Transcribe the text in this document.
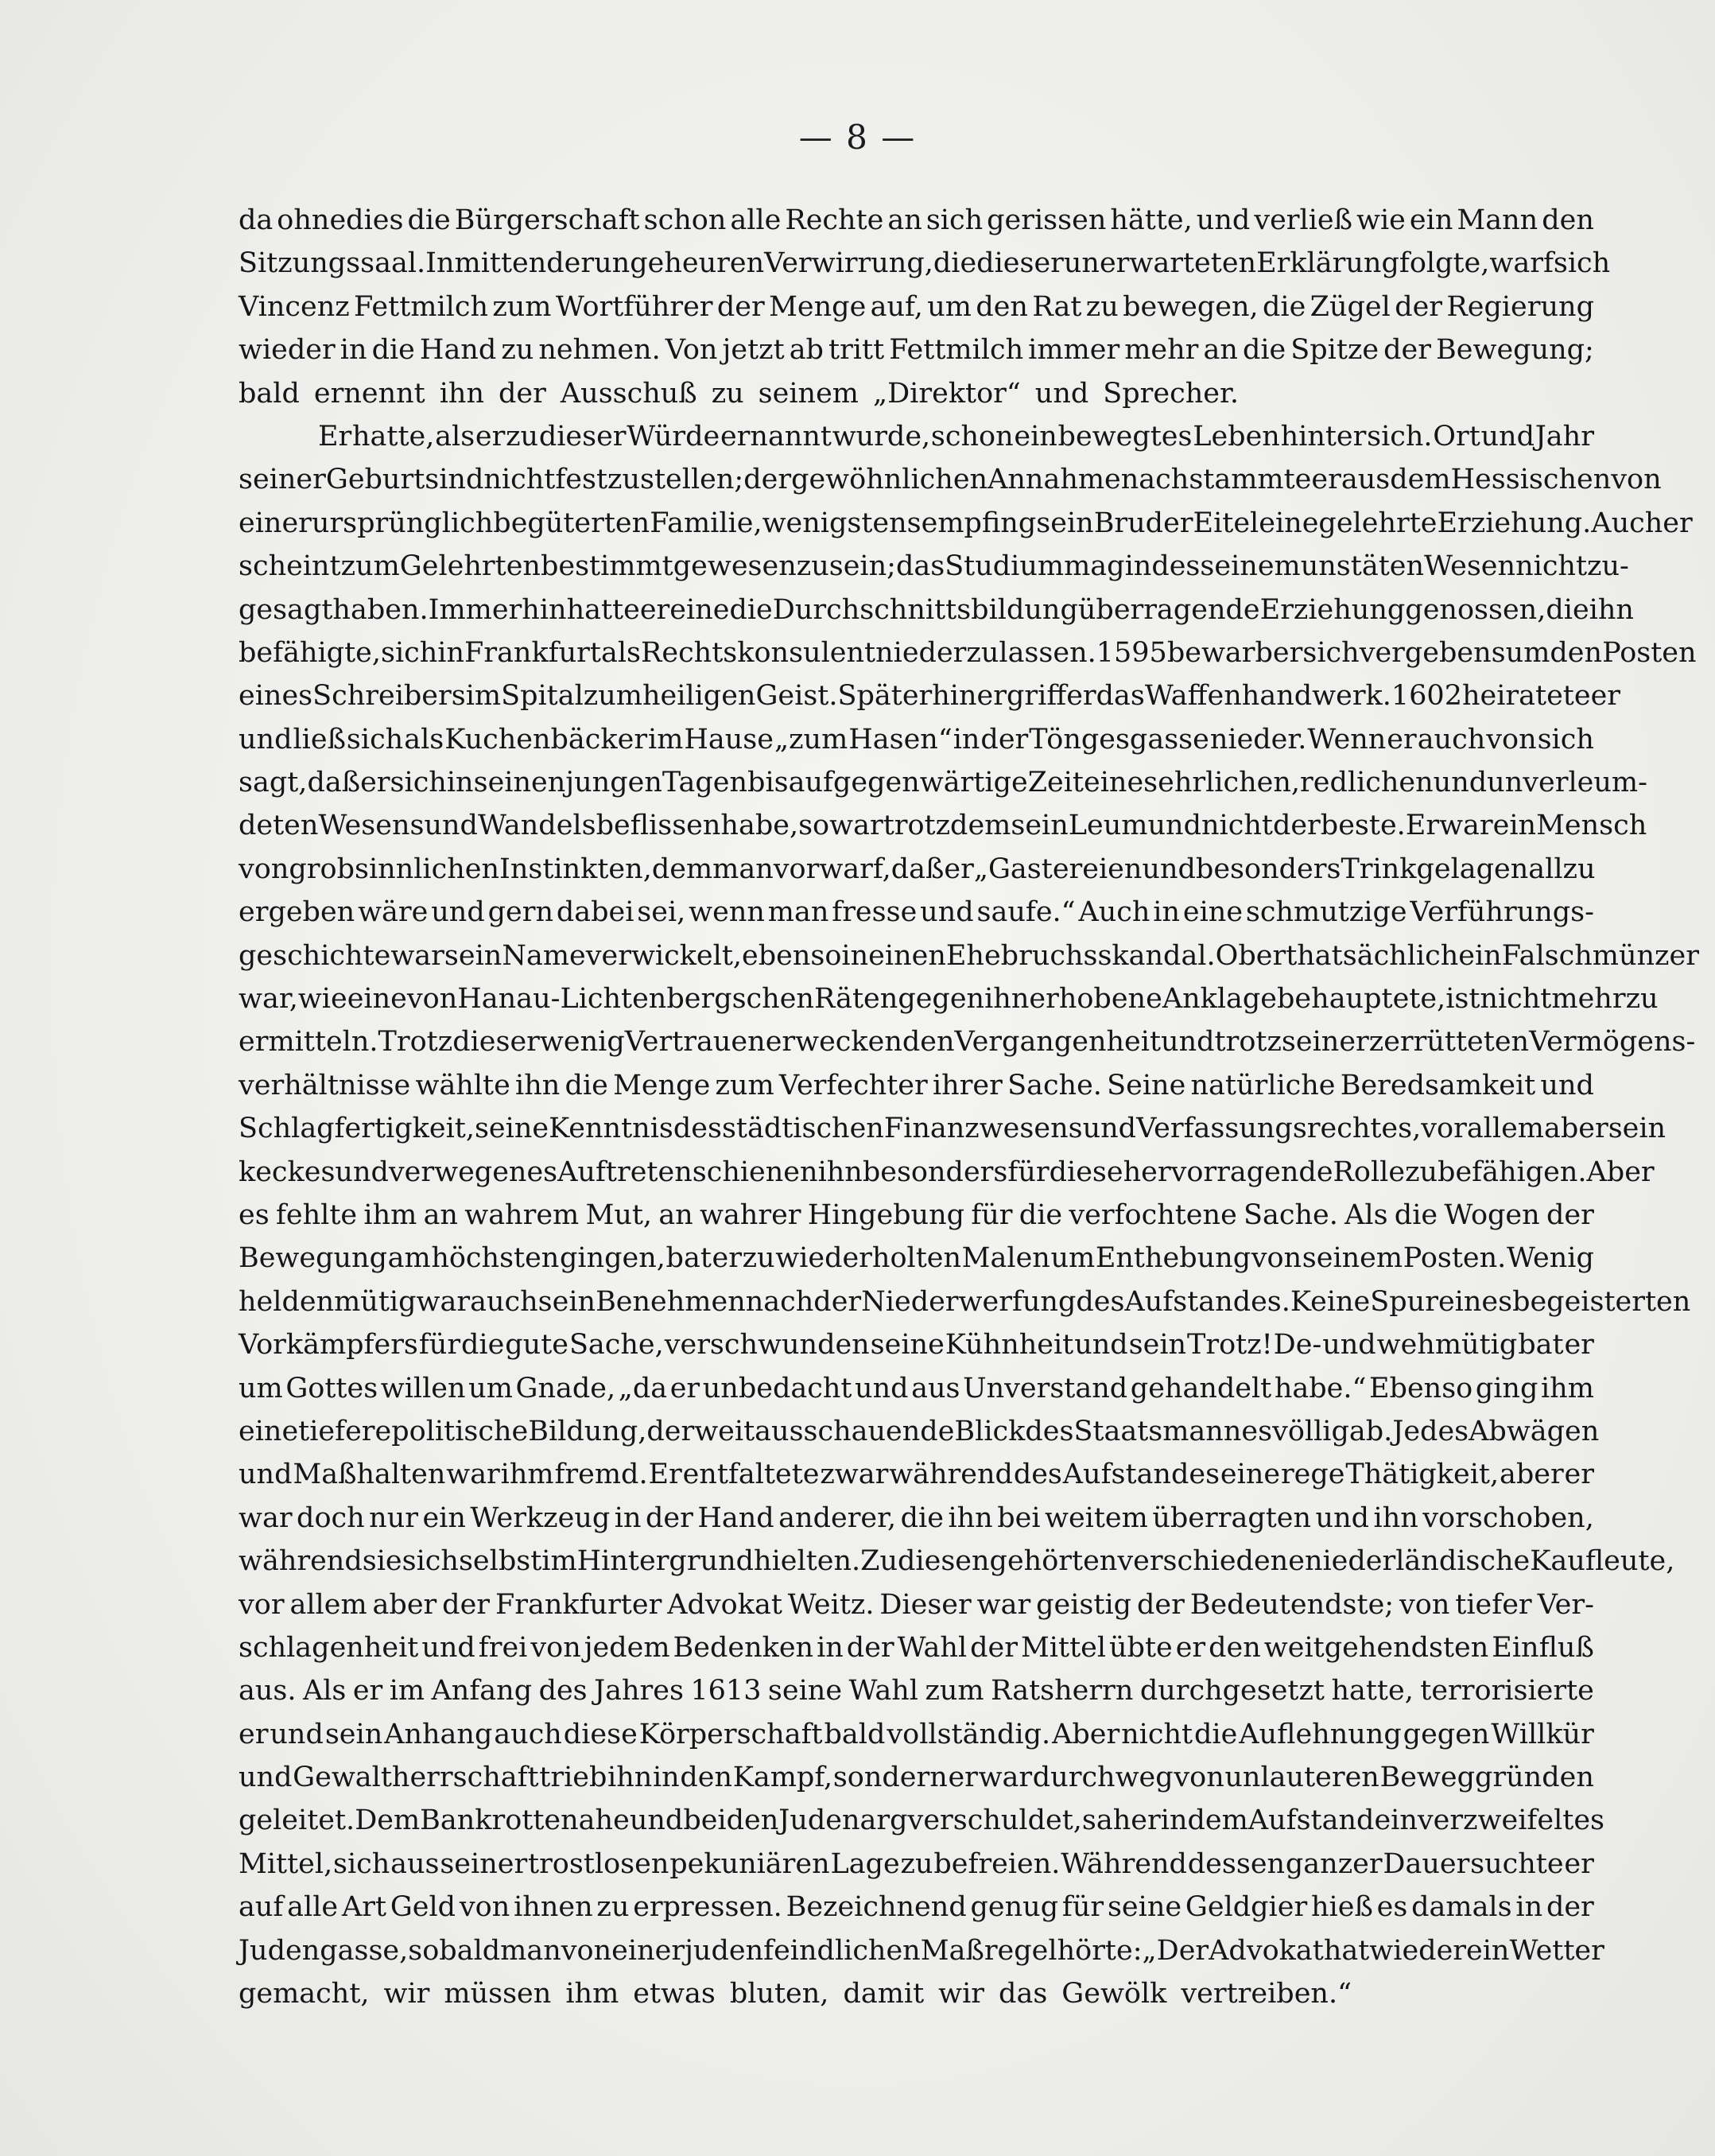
— 8 —
da ohnedies die Bürgerschaft schon alle Rechte an sich gerissen hätte, und verließ wie ein Mann den
Sitzungssaal. Inmitten der ungeheuren Verwirrung, die dieser unerwarteten Erklärung folgte, warf sich
Vincenz Fettmilch zum Wortführer der Menge auf, um den Rat zu bewegen, die Zügel der Regierung
wieder in die Hand zu nehmen. Von jetzt ab tritt Fettmilch immer mehr an die Spitze der Bewegung;
bald ernennt ihn der Ausschuß zu seinem „Direktor“ und Sprecher.
Er hatte, als er zu dieser Würde ernannt wurde, schon ein bewegtes Leben hinter sich. Ort und Jahr
seiner Geburt sind nicht festzustellen; der gewöhnlichen Annahme nach stammte er aus dem Hessischen von
einer ursprünglich begüterten Familie, wenigstens empfing sein Bruder Eitel eine gelehrte Erziehung. Auch er
scheint zum Gelehrten bestimmt gewesen zu sein; das Studium mag indes seinem unstäten Wesen nicht zu-
gesagt haben. Immerhin hatte er eine die Durchschnittsbildung überragende Erziehung genossen, die ihn
befähigte, sich in Frankfurt als Rechtskonsulent niederzulassen. 1595 bewarb er sich vergebens um den Posten
eines Schreibers im Spital zum heiligen Geist. Späterhin ergriff er das Waffenhandwerk. 1602 heiratete er
und ließ sich als Kuchenbäcker im Hause „zum Hasen“ in der Töngesgasse nieder. Wenn er auch von sich
sagt, daß er sich in seinen jungen Tagen bis auf gegenwärtige Zeit eines ehrlichen, redlichen und unverleum-
deten Wesens und Wandels beflissen habe, so war trotzdem sein Leumund nicht der beste. Er war ein Mensch
von grobsinnlichen Instinkten, dem man vorwarf, daß er „Gastereien und besonders Trinkgelagen allzu
ergeben wäre und gern dabei sei, wenn man fresse und saufe.“ Auch in eine schmutzige Verführungs-
geschichte war sein Name verwickelt, ebenso in einen Ehebruchsskandal. Ob er thatsächlich ein Falschmünzer
war, wie eine von Hanau-Lichtenbergschen Räten gegen ihn erhobene Anklage behauptete, ist nicht mehr zu
ermitteln. Trotz dieser wenig Vertrauen erweckenden Vergangenheit und trotz seiner zerrütteten Vermögens-
verhältnisse wählte ihn die Menge zum Verfechter ihrer Sache. Seine natürliche Beredsamkeit und
Schlagfertigkeit, seine Kenntnis des städtischen Finanzwesens und Verfassungsrechtes, vor allem aber sein
keckes und verwegenes Auftreten schienen ihn besonders für diese hervorragende Rolle zu befähigen. Aber
es fehlte ihm an wahrem Mut, an wahrer Hingebung für die verfochtene Sache. Als die Wogen der
Bewegung am höchsten gingen, bat er zu wiederholten Malen um Enthebung von seinem Posten. Wenig
heldenmütig war auch sein Benehmen nach der Niederwerfung des Aufstandes. Keine Spur eines begeisterten
Vorkämpfers für die gute Sache, verschwunden seine Kühnheit und sein Trotz! De- und wehmütig bat er
um Gottes willen um Gnade, „da er unbedacht und aus Unverstand gehandelt habe.“ Ebenso ging ihm
eine tiefere politische Bildung, der weit ausschauende Blick des Staatsmannes völlig ab. Jedes Abwägen
und Maßhalten war ihm fremd. Er entfaltete zwar während des Aufstandes eine rege Thätigkeit, aber er
war doch nur ein Werkzeug in der Hand anderer, die ihn bei weitem überragten und ihn vorschoben,
während sie sich selbst im Hintergrund hielten. Zu diesen gehörten verschiedene niederländische Kaufleute,
vor allem aber der Frankfurter Advokat Weitz. Dieser war geistig der Bedeutendste; von tiefer Ver-
schlagenheit und frei von jedem Bedenken in der Wahl der Mittel übte er den weitgehendsten Einfluß
aus. Als er im Anfang des Jahres 1613 seine Wahl zum Ratsherrn durchgesetzt hatte, terrorisierte
er und sein Anhang auch diese Körperschaft bald vollständig. Aber nicht die Auflehnung gegen Willkür
und Gewaltherrschaft trieb ihn in den Kampf, sondern er war durchweg von unlauteren Beweggründen
geleitet. Dem Bankrotte nahe und bei den Juden arg verschuldet, sah er in dem Aufstand ein verzweifeltes
Mittel, sich aus seiner trostlosen pekuniären Lage zu befreien. Während dessen ganzer Dauer suchte er
auf alle Art Geld von ihnen zu erpressen. Bezeichnend genug für seine Geldgier hieß es damals in der
Judengasse, sobald man von einer judenfeindlichen Maßregel hörte: „Der Advokat hat wieder ein Wetter
gemacht, wir müssen ihm etwas bluten, damit wir das Gewölk vertreiben.“
